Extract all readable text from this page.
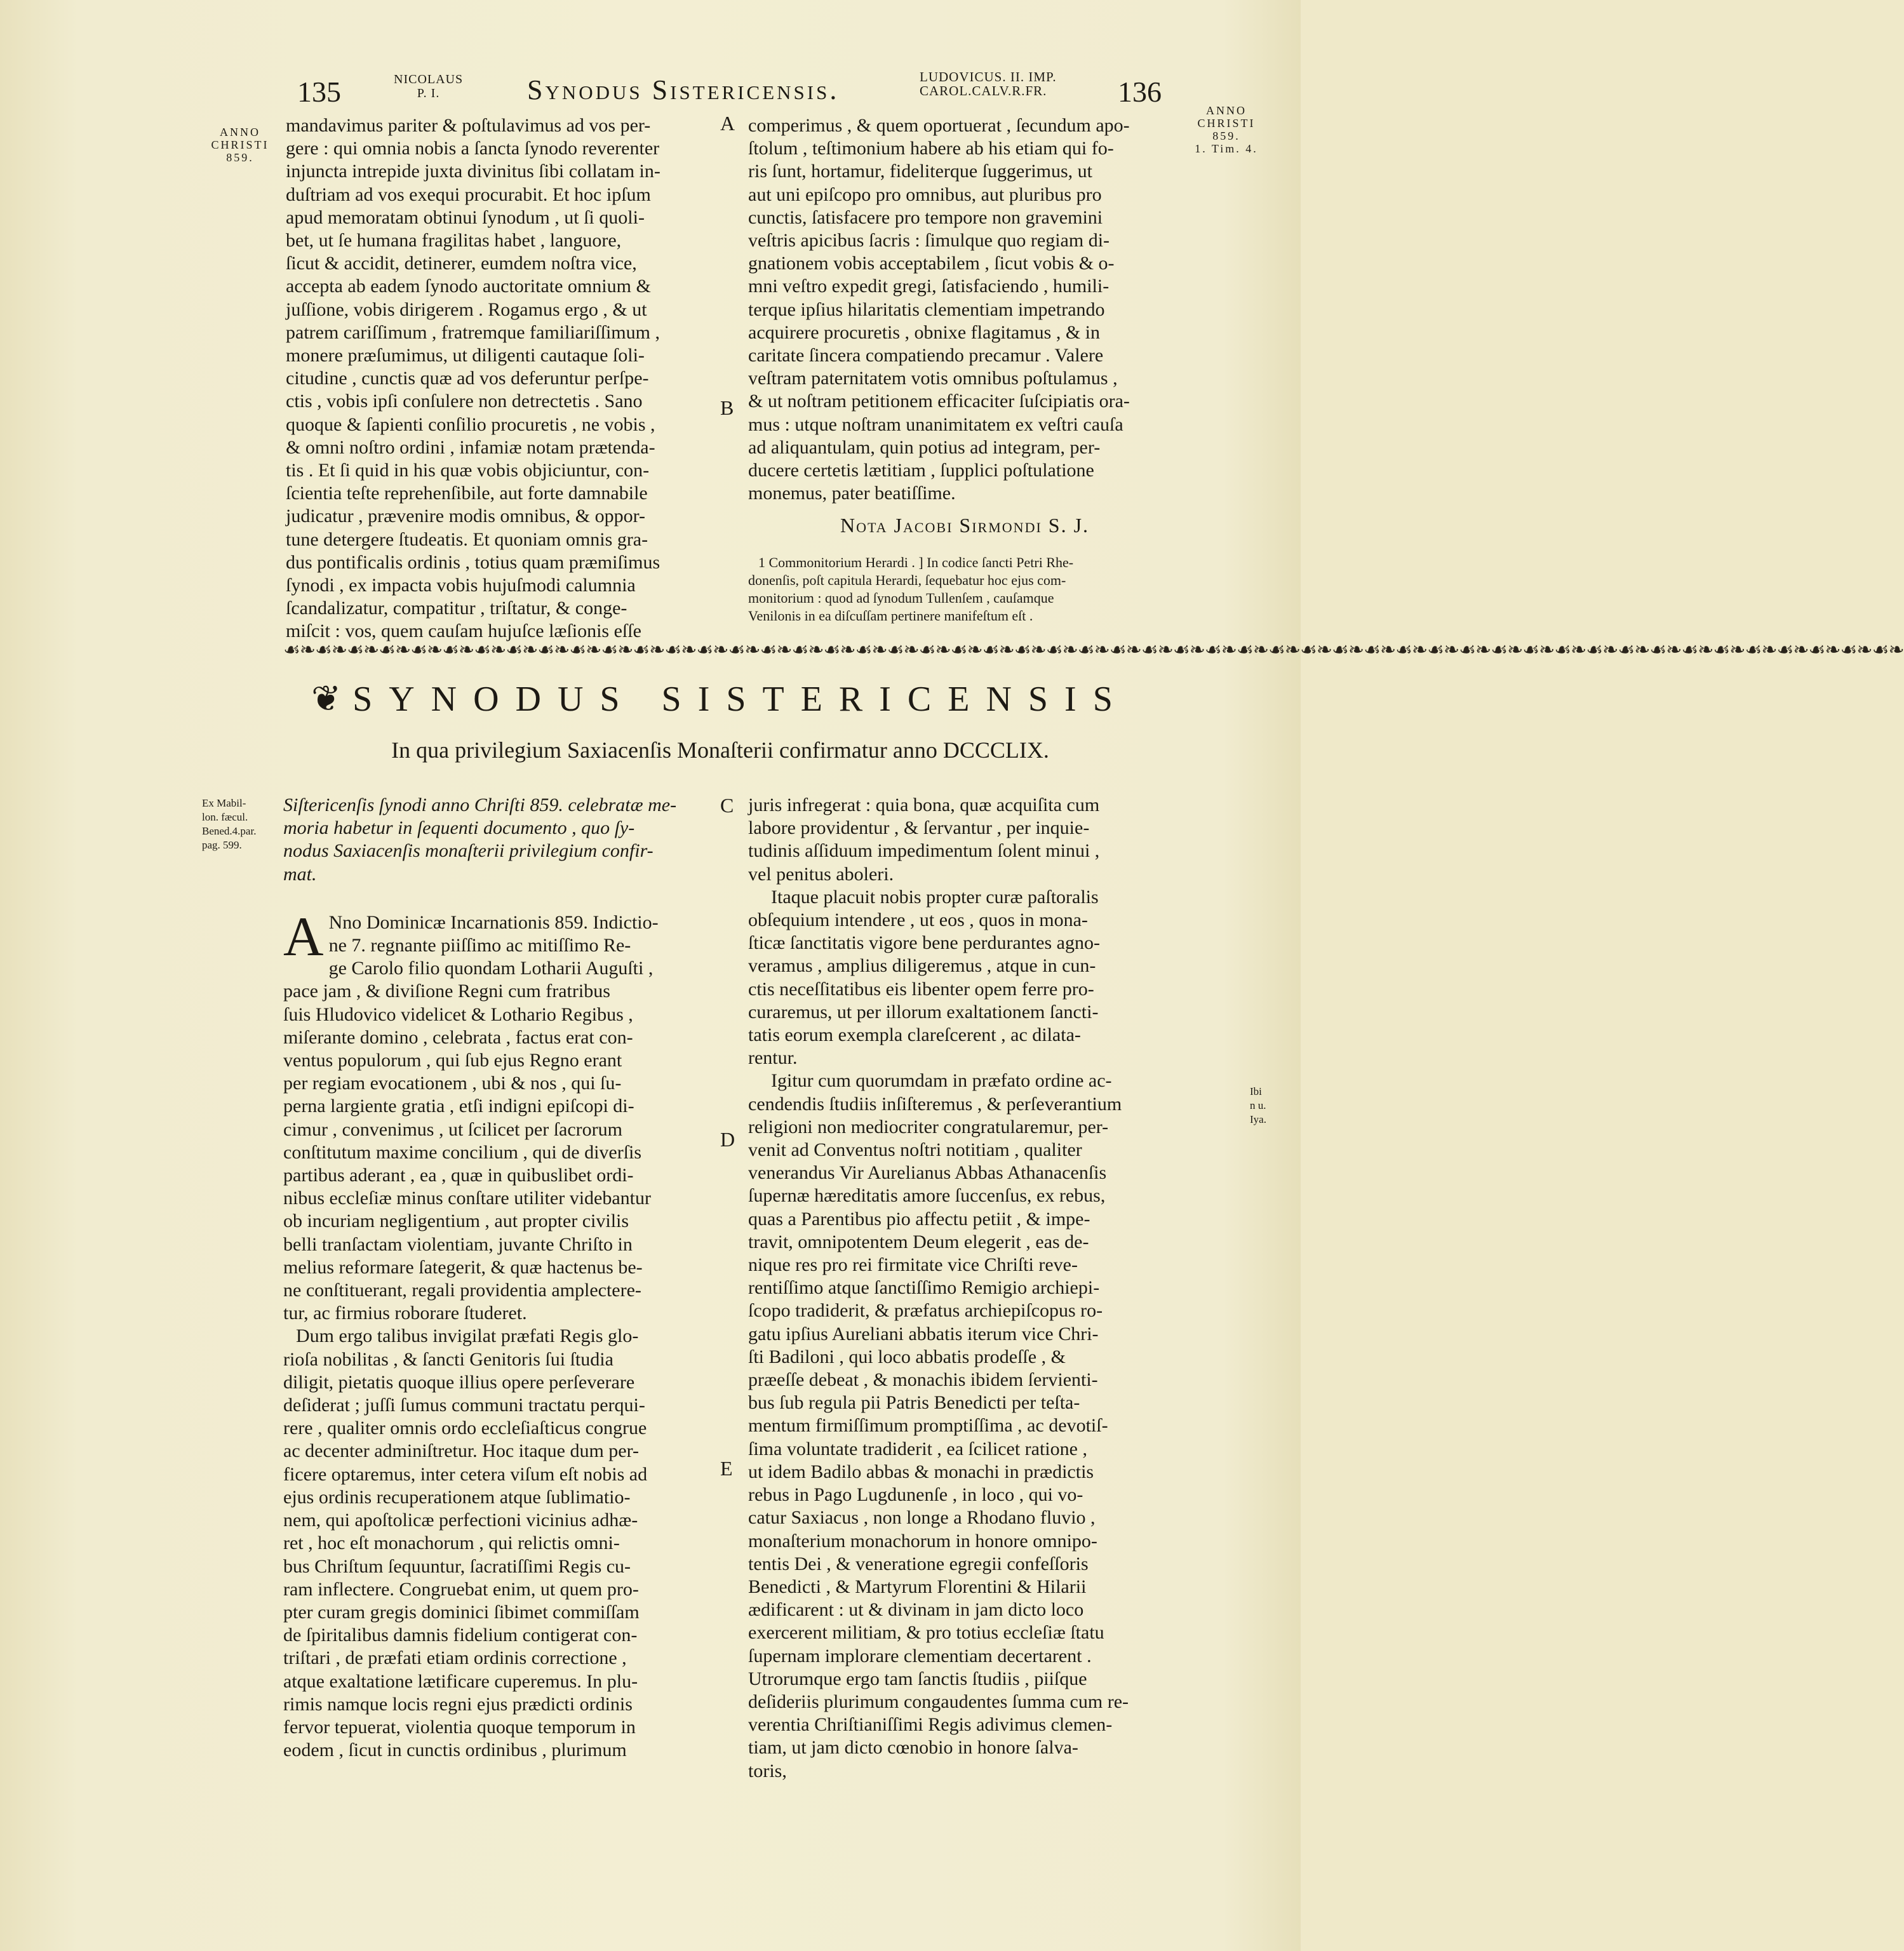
135	NICOLAUS
P. I.	Synodus Sistericensis.	LUDOVICUS. II. IMP.
CAROL.CALV.R.FR.	136
ANNO
CHRISTI
859.
ANNO
CHRISTI
859.
1. Tim. 4.
mandavimus pariter & poſtulavimus ad vos per-
gere : qui omnia nobis a ſancta ſynodo reverenter
injuncta intrepide juxta divinitus ſibi collatam in-
duſtriam ad vos exequi procurabit. Et hoc ipſum
apud memoratam obtinui ſynodum , ut ſi quoli-
bet, ut ſe humana fragilitas habet , languore,
ſicut & accidit, detinerer, eumdem noſtra vice,
accepta ab eadem ſynodo auctoritate omnium &
juſſione, vobis dirigerem . Rogamus ergo , & ut
patrem cariſſimum , fratremque familiariſſimum ,
monere præſumimus, ut diligenti cautaque ſoli-
citudine , cunctis quæ ad vos deferuntur perſpe-
ctis , vobis ipſi conſulere non detrectetis . Sano
quoque & ſapienti conſilio procuretis , ne vobis ,
& omni noſtro ordini , infamiæ notam prætenda-
tis . Et ſi quid in his quæ vobis objiciuntur, con-
ſcientia teſte reprehenſibile, aut forte damnabile
judicatur , prævenire modis omnibus, & oppor-
tune detergere ſtudeatis. Et quoniam omnis gra-
dus pontificalis ordinis , totius quam præmiſimus
ſynodi , ex impacta vobis hujuſmodi calumnia
ſcandalizatur, compatitur , triſtatur, & conge-
miſcit : vos, quem cauſam hujuſce læſionis eſſe
A
B
comperimus , & quem oportuerat , ſecundum apo-
ſtolum , teſtimonium habere ab his etiam qui fo-
ris ſunt, hortamur, fideliterque ſuggerimus, ut
aut uni epiſcopo pro omnibus, aut pluribus pro
cunctis, ſatisfacere pro tempore non gravemini
veſtris apicibus ſacris : ſimulque quo regiam di-
gnationem vobis acceptabilem , ſicut vobis & o-
mni veſtro expedit gregi, ſatisfaciendo , humili-
terque ipſius hilaritatis clementiam impetrando
acquirere procuretis , obnixe flagitamus , & in
caritate ſincera compatiendo precamur . Valere
veſtram paternitatem votis omnibus poſtulamus ,
& ut noſtram petitionem efficaciter ſuſcipiatis ora-
mus : utque noſtram unanimitatem ex veſtri cauſa
ad aliquantulam, quin potius ad integram, per-
ducere certetis lætitiam , ſupplici poſtulatione
monemus, pater beatiſſime.

Nota Jacobi Sirmondi S. J.

1 Commonitorium Herardi . ] In codice ſancti Petri Rhe-
donenſis, poſt capitula Herardi, ſequebatur hoc ejus com-
monitorium : quod ad ſynodum Tullenſem , cauſamque
Venilonis in ea diſcuſſam pertinere manifeſtum eſt .
☙❧☙❧☙❧☙❧☙❧☙❧☙❧☙❧☙❧☙❧☙❧☙❧☙❧☙❧☙❧☙❧☙❧☙❧☙❧☙❧☙❧☙❧☙❧☙❧☙❧☙❧☙❧☙❧☙❧☙❧☙❧☙❧☙❧☙❧☙❧☙❧☙❧☙❧☙❧☙❧☙❧☙❧☙❧☙❧☙❧☙❧☙❧☙❧☙❧☙❧☙❧
❦ SYNODUS SISTERICENSIS
In qua privilegium Saxiacenſis Monaſterii confirmatur anno DCCCLIX.
Ex Mabil-
lon. fæcul.
Bened.4.par.
pag. 599.
Ibi
n u.
Iya.
Siſtericenſis ſynodi anno Chriſti 859. celebratæ me-
moria habetur in ſequenti documento , quo ſy-
nodus Saxiacenſis monaſterii privilegium confir-
mat.
A Nno Dominicæ Incarnationis 859. Indictio-
ne 7. regnante piiſſimo ac mitiſſimo Re-
ge Carolo filio quondam Lotharii Auguſti ,
pace jam , & diviſione Regni cum fratribus
ſuis Hludovico videlicet & Lothario Regibus ,
miſerante domino , celebrata , factus erat con-
ventus populorum , qui ſub ejus Regno erant
per regiam evocationem , ubi & nos , qui ſu-
perna largiente gratia , etſi indigni epiſcopi di-
cimur , convenimus , ut ſcilicet per ſacrorum
conſtitutum maxime concilium , qui de diverſis
partibus aderant , ea , quæ in quibuslibet ordi-
nibus eccleſiæ minus conſtare utiliter videbantur
ob incuriam negligentium , aut propter civilis
belli tranſactam violentiam, juvante Chriſto in
melius reformare ſategerit, & quæ hactenus be-
ne conſtituerant, regali providentia amplectere-
tur, ac firmius roborare ſtuderet.
Dum ergo talibus invigilat præfati Regis glo-
rioſa nobilitas , & ſancti Genitoris ſui ſtudia
diligit, pietatis quoque illius opere perſeverare
deſiderat ; juſſi ſumus communi tractatu perqui-
rere , qualiter omnis ordo eccleſiaſticus congrue
ac decenter adminiſtretur. Hoc itaque dum per-
ficere optaremus, inter cetera viſum eſt nobis ad
ejus ordinis recuperationem atque ſublimatio-
nem, qui apoſtolicæ perfectioni vicinius adhæ-
ret , hoc eſt monachorum , qui relictis omni-
bus Chriſtum ſequuntur, ſacratiſſimi Regis cu-
ram inflectere. Congruebat enim, ut quem pro-
pter curam gregis dominici ſibimet commiſſam
de ſpiritalibus damnis fidelium contigerat con-
triſtari , de præfati etiam ordinis correctione ,
atque exaltatione lætificare cuperemus. In plu-
rimis namque locis regni ejus prædicti ordinis
fervor tepuerat, violentia quoque temporum in
eodem , ſicut in cunctis ordinibus , plurimum
C
D
E
juris infregerat : quia bona, quæ acquiſita cum
labore providentur , & ſervantur , per inquie-
tudinis aſſiduum impedimentum ſolent minui ,
vel penitus aboleri.
Itaque placuit nobis propter curæ paſtoralis
obſequium intendere , ut eos , quos in mona-
ſticæ ſanctitatis vigore bene perdurantes agno-
veramus , amplius diligeremus , atque in cun-
ctis neceſſitatibus eis libenter opem ferre pro-
curaremus, ut per illorum exaltationem ſancti-
tatis eorum exempla clareſcerent , ac dilata-
rentur.
Igitur cum quorumdam in præfato ordine ac-
cendendis ſtudiis inſiſteremus , & perſeverantium
religioni non mediocriter congratularemur, per-
venit ad Conventus noſtri notitiam , qualiter
venerandus Vir Aurelianus Abbas Athanacenſis
ſupernæ hæreditatis amore ſuccenſus, ex rebus,
quas a Parentibus pio affectu petiit , & impe-
travit, omnipotentem Deum elegerit , eas de-
nique res pro rei firmitate vice Chriſti reve-
rentiſſimo atque ſanctiſſimo Remigio archiepi-
ſcopo tradiderit, & præfatus archiepiſcopus ro-
gatu ipſius Aureliani abbatis iterum vice Chri-
ſti Badiloni , qui loco abbatis prodeſſe , &
præeſſe debeat , & monachis ibidem ſervienti-
bus ſub regula pii Patris Benedicti per teſta-
mentum firmiſſimum promptiſſima , ac devotiſ-
ſima voluntate tradiderit , ea ſcilicet ratione ,
ut idem Badilo abbas & monachi in prædictis
rebus in Pago Lugdunenſe , in loco , qui vo-
catur Saxiacus , non longe a Rhodano fluvio ,
monaſterium monachorum in honore omnipo-
tentis Dei , & veneratione egregii confeſſoris
Benedicti , & Martyrum Florentini & Hilarii
ædificarent : ut & divinam in jam dicto loco
exercerent militiam, & pro totius eccleſiæ ſtatu
ſupernam implorare clementiam decertarent .
Utrorumque ergo tam ſanctis ſtudiis , piiſque
deſideriis plurimum congaudentes ſumma cum re-
verentia Chriſtianiſſimi Regis adivimus clemen-
tiam, ut jam dicto cœnobio in honore ſalva-
toris,
